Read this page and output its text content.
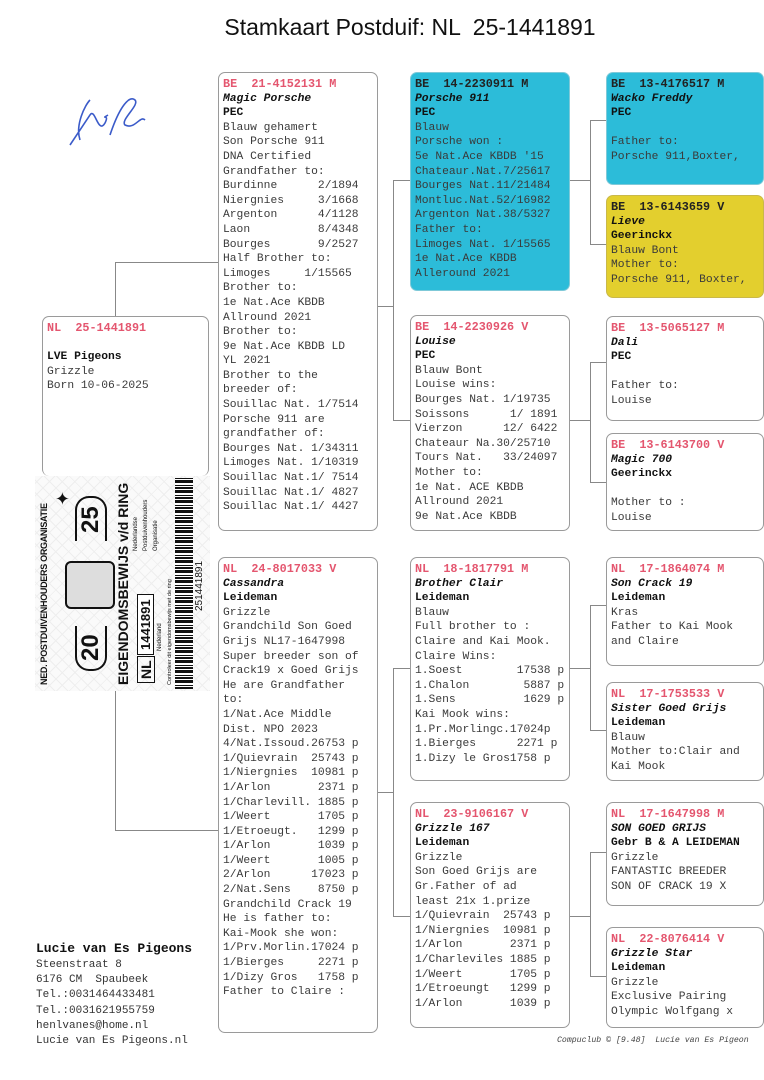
Stamkaart Postduif: NL  25-1441891
NL  25-1441891
LVE Pigeons
Grizzle
Born 10-06-2025
BE  21-4152131 M
Magic Porsche
PEC
Blauw gehamert
Son Porsche 911
DNA Certified
Grandfather to:
Burdinne      2/1894
Niergnies     3/1668
Argenton      4/1128
Laon          8/4348
Bourges       9/2527
Half Brother to:
Limoges     1/15565
Brother to:
1e Nat.Ace KBDB
Allround 2021
Brother to:
9e Nat.Ace KBDB LD
YL 2021
Brother to the
breeder of:
Souillac Nat. 1/7514
Porsche 911 are
grandfather of:
Bourges Nat. 1/34311
Limoges Nat. 1/10319
Souillac Nat.1/ 7514
Souillac Nat.1/ 4827
Souillac Nat.1/ 4427
NL  24-8017033 V
Cassandra
Leideman
Grizzle
Grandchild Son Goed
Grijs NL17-1647998
Super breeder son of
Crack19 x Goed Grijs
He are Grandfather
to:
1/Nat.Ace Middle
Dist. NPO 2023
4/Nat.Issoud.26753 p
1/Quievrain  25743 p
1/Niergnies  10981 p
1/Arlon       2371 p
1/Charlevill. 1885 p
1/Weert       1705 p
1/Etroeugt.   1299 p
1/Arlon       1039 p
1/Weert       1005 p
2/Arlon      17023 p
2/Nat.Sens    8750 p
Grandchild Crack 19
He is father to:
Kai-Mook she won:
1/Prv.Morlin.17024 p
1/Bierges     2271 p
1/Dizy Gros   1758 p
Father to Claire :
BE  14-2230911 M
Porsche 911
PEC
Blauw
Porsche won :
5e Nat.Ace KBDB '15
Chateaur.Nat.7/25617
Bourges Nat.11/21484
Montluc.Nat.52/16982
Argenton Nat.38/5327
Father to:
Limoges Nat. 1/15565
1e Nat.Ace KBDB
Alleround 2021
BE  14-2230926 V
Louise
PEC
Blauw Bont
Louise wins:
Bourges Nat. 1/19735
Soissons      1/ 1891
Vierzon      12/ 6422
Chateaur Na.30/25710
Tours Nat.   33/24097
Mother to:
1e Nat. ACE KBDB
Allround 2021
9e Nat.Ace KBDB
NL  18-1817791 M
Brother Clair
Leideman
Blauw
Full brother to :
Claire and Kai Mook.
Claire Wins:
1.Soest        17538 p
1.Chalon        5887 p
1.Sens          1629 p
Kai Mook wins:
1.Pr.Morlingc.17024p
1.Bierges      2271 p
1.Dizy le Gros1758 p
NL  23-9106167 V
Grizzle 167
Leideman
Grizzle
Son Goed Grijs are
Gr.Father of ad
least 21x 1.prize
1/Quievrain  25743 p
1/Niergnies  10981 p
1/Arlon       2371 p
1/Charleviles 1885 p
1/Weert       1705 p
1/Etroeungt   1299 p
1/Arlon       1039 p
BE  13-4176517 M
Wacko Freddy
PEC
Father to:
Porsche 911,Boxter,
BE  13-6143659 V
Lieve
Geerinckx
Blauw Bont
Mother to:
Porsche 911, Boxter,
BE  13-5065127 M
Dali
PEC
Father to:
Louise
BE  13-6143700 V
Magic 700
Geerinckx
Mother to :
Louise
NL  17-1864074 M
Son Crack 19
Leideman
Kras
Father to Kai Mook
and Claire
NL  17-1753533 V
Sister Goed Grijs
Leideman
Blauw
Mother to:Clair and
Kai Mook
NL  17-1647998 M
SON GOED GRIJS
Gebr B & A LEIDEMAN
Grizzle
FANTASTIC BREEDER
SON OF CRACK 19 X
NL  22-8076414 V
Grizzle Star
Leideman
Grizzle
Exclusive Pairing
Olympic Wolfgang x
NED. POSTDUIVENHOUDERS ORGANISATIE
✦
20
25 EIGENDOMSBEWIJS v/d RING NL
1441891 Nederland
Nederlandse Postduivenhouders Organisatie
Controleer dit eigendomsbewijs met de ring 251441891
Lucie van Es Pigeons
Steenstraat 8
6176 CM  Spaubeek
Tel.:0031464433481
Tel.:0031621955759
henlvanes@home.nl
Lucie van Es Pigeons.nl	Compuclub © [9.48]  Lucie van Es Pigeon
